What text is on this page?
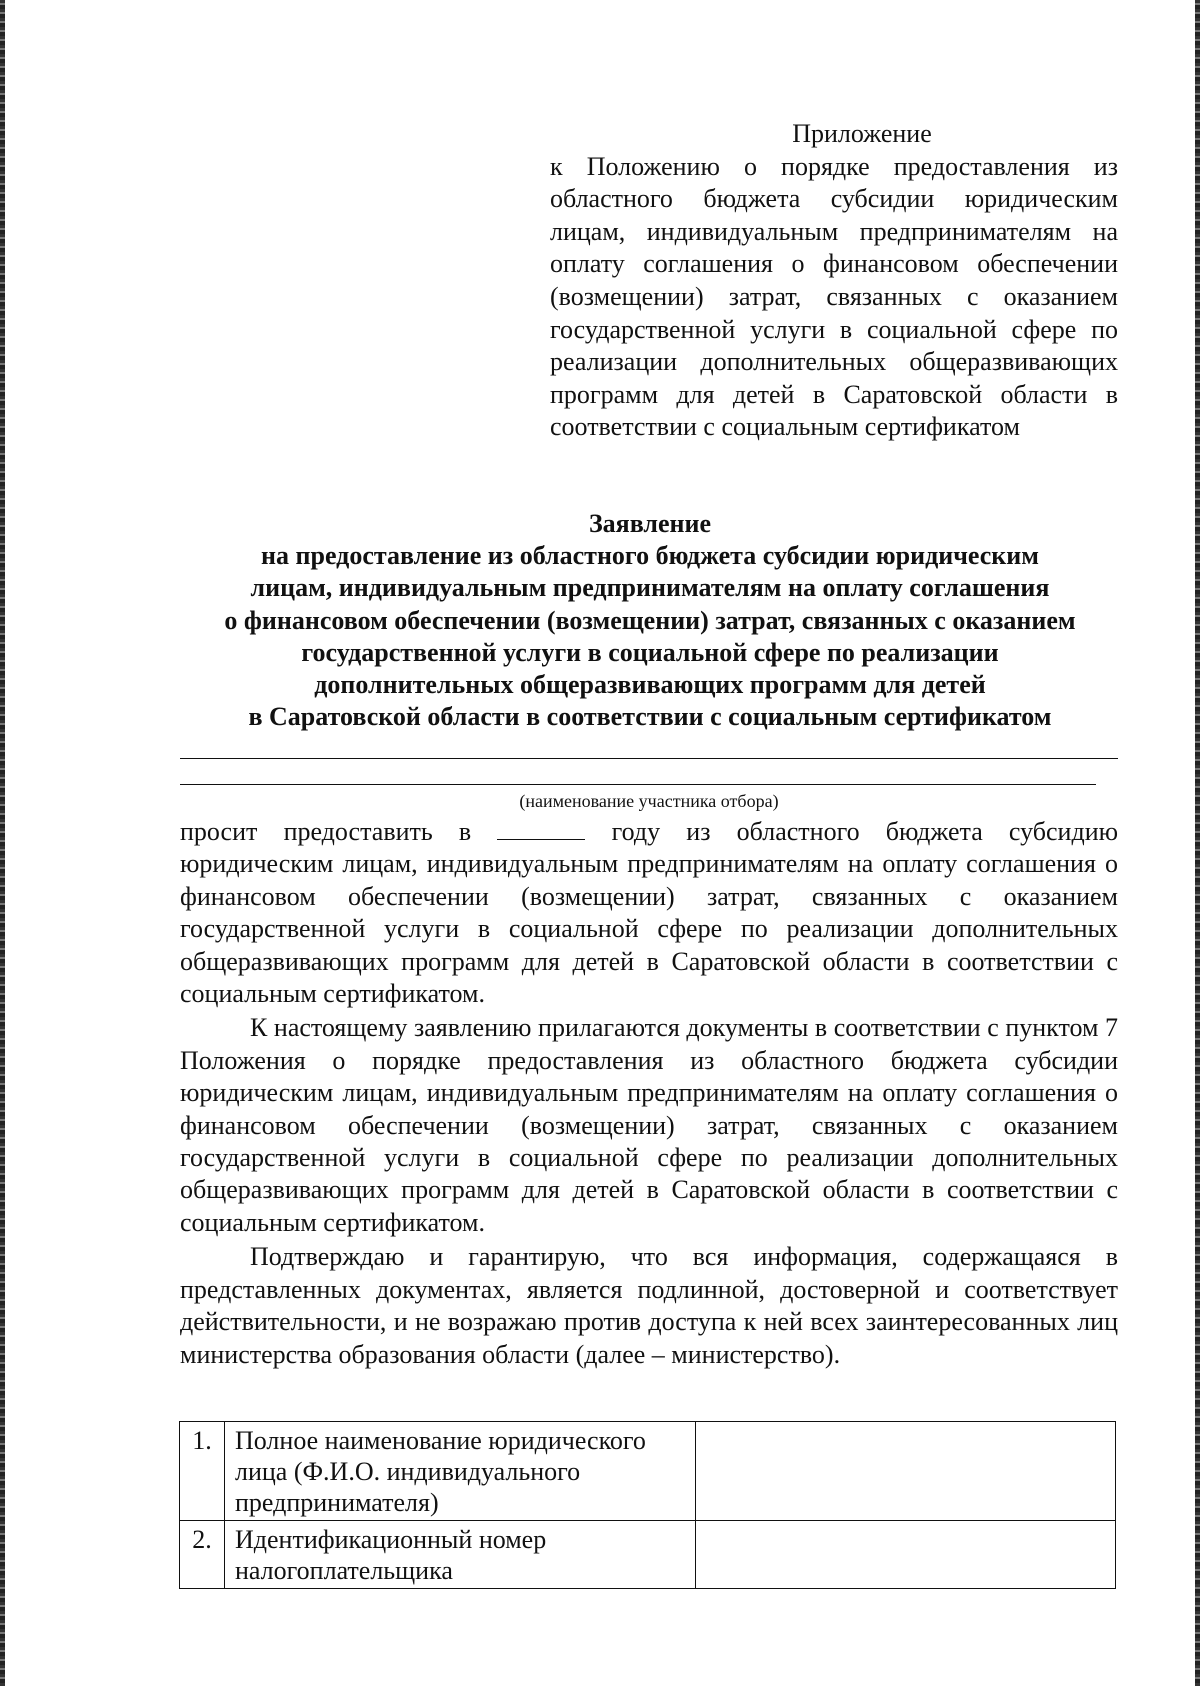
Приложение
к Положению о порядке предоставления из областного бюджета субсидии юридическим лицам, индивидуальным предпринимателям на оплату соглашения о финансовом обеспечении (возмещении) затрат, связанных с оказанием государственной услуги в социальной сфере по реализации дополнительных общеразвивающих программ для детей в Саратовской области в соответствии с социальным сертификатом
Заявление
на предоставление из областного бюджета субсидии юридическим
лицам, индивидуальным предпринимателям на оплату соглашения
о финансовом обеспечении (возмещении) затрат, связанных с оказанием
государственной услуги в социальной сфере по реализации
дополнительных общеразвивающих программ для детей
в Саратовской области в соответствии с социальным сертификатом
(наименование участника отбора)

просит предоставить в	году из областного бюджета субсидию юридическим лицам, индивидуальным предпринимателям на оплату соглашения о финансовом обеспечении (возмещении) затрат, связанных с оказанием государственной услуги в социальной сфере по реализации дополнительных общеразвивающих программ для детей в Саратовской области в соответствии с социальным сертификатом.

К настоящему заявлению прилагаются документы в соответствии с пунктом 7 Положения о порядке предоставления из областного бюджета субсидии юридическим лицам, индивидуальным предпринимателям на оплату соглашения о финансовом обеспечении (возмещении) затрат, связанных с оказанием государственной услуги в социальной сфере по реализации дополнительных общеразвивающих программ для детей в Саратовской области в соответствии с социальным сертификатом.

Подтверждаю и гарантирую, что вся информация, содержащаяся в представленных документах, является подлинной, достоверной и соответствует действительности, и не возражаю против доступа к ней всех заинтересованных лиц министерства образования области (далее – министерство).

1.	Полное наименование юридического лица (Ф.И.О. индивидуального предпринимателя)	
2.	Идентификационный номер налогоплательщика	
